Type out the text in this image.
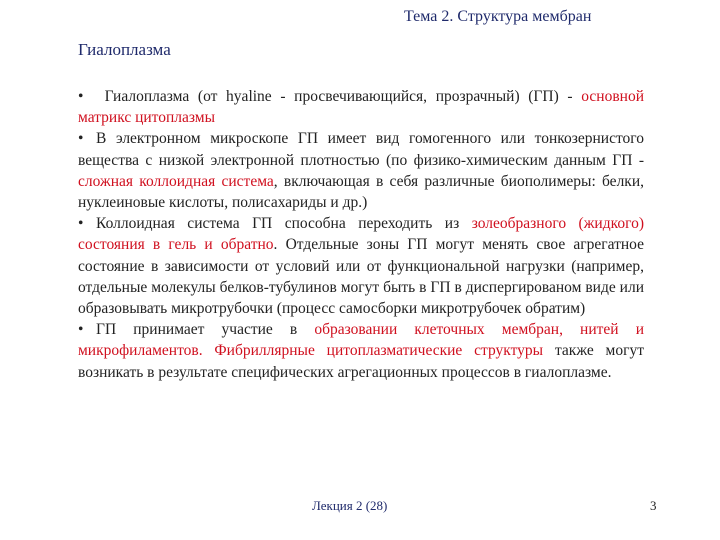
Тема 2. Структура мембран
Гиалоплазма

• Гиалоплазма (от hyaline - просвечивающийся, прозрачный) (ГП) - основной матрикс цитоплазмы

• В электронном микроскопе ГП имеет вид гомогенного или тонкозернистого вещества с низкой электронной плотностью (по физико-химическим данным ГП - сложная коллоидная система, включающая в себя различные биополимеры: белки, нуклеиновые кислоты, полисахариды и др.)

• Коллоидная система ГП способна переходить из золеобразного (жидкого) состояния в гель и обратно. Отдельные зоны ГП могут менять свое агрегатное состояние в зависимости от условий или от функциональной нагрузки (например, отдельные молекулы белков-тубулинов могут быть в ГП в диспергированом виде или образовывать микротрубочки (процесс самосборки микротрубочек обратим)

• ГП принимает участие в образовании клеточных мембран, нитей и микрофиламентов. Фибриллярные цитоплазматические структуры также могут возникать в результате специфических агрегационных процессов в гиалоплазме.

Лекция 2 (28)	3
